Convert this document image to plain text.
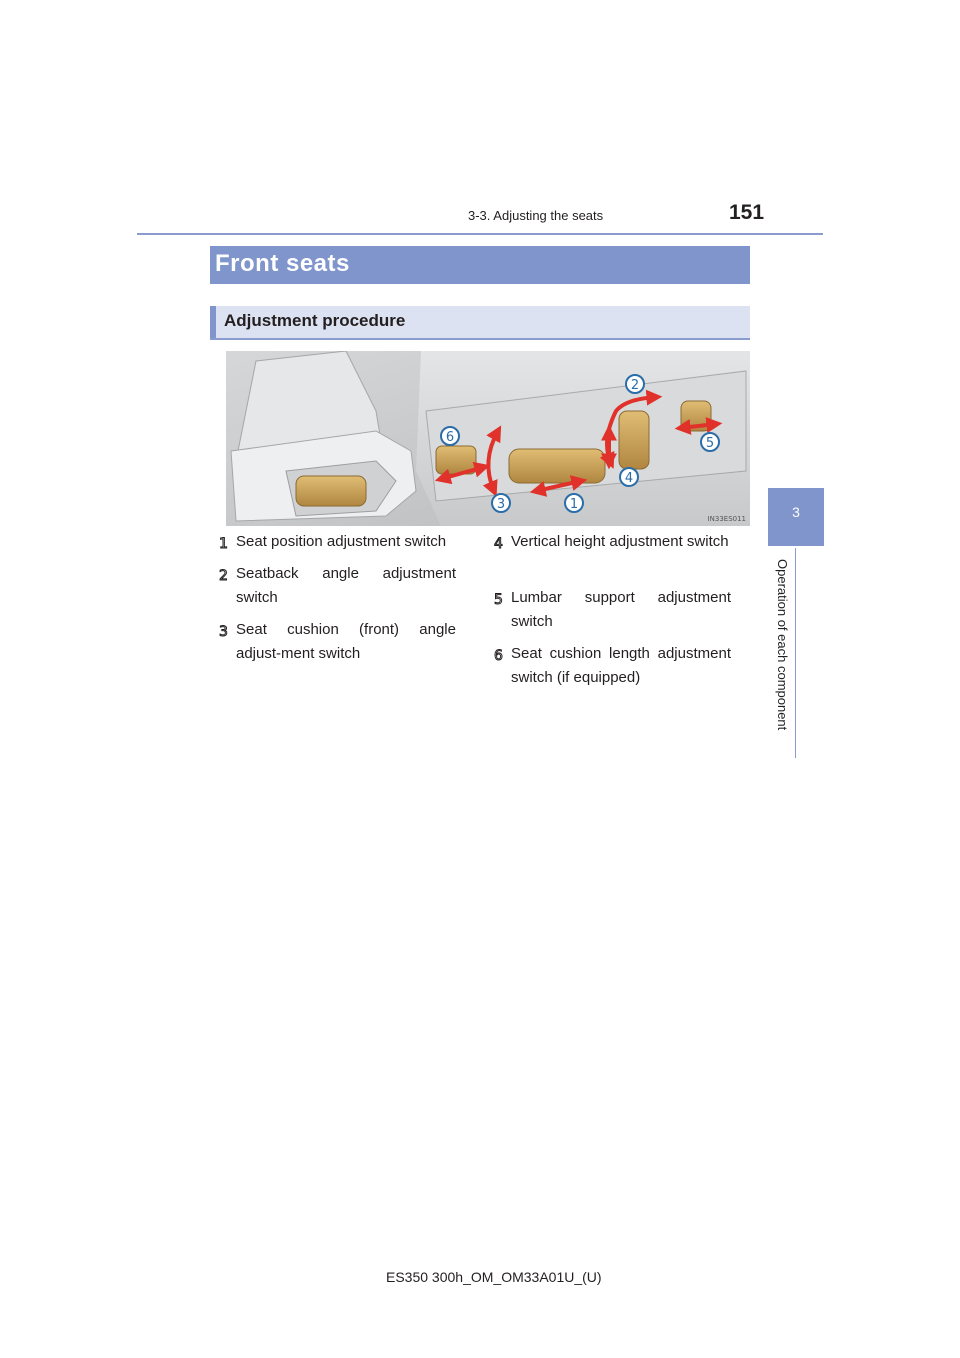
3-3. Adjusting the seats	151
3
Operation of each component
Front seats
Adjustment procedure
1
2
3
4
5
6
IN33ES011
1 Seat position adjustment switch
2 Seatback angle adjustment switch
3 Seat cushion (front) angle adjust-ment switch
4 Vertical height adjustment switch
5 Lumbar support adjustment switch
6 Seat cushion length adjustment switch (if equipped)
ES350 300h_OM_OM33A01U_(U)
